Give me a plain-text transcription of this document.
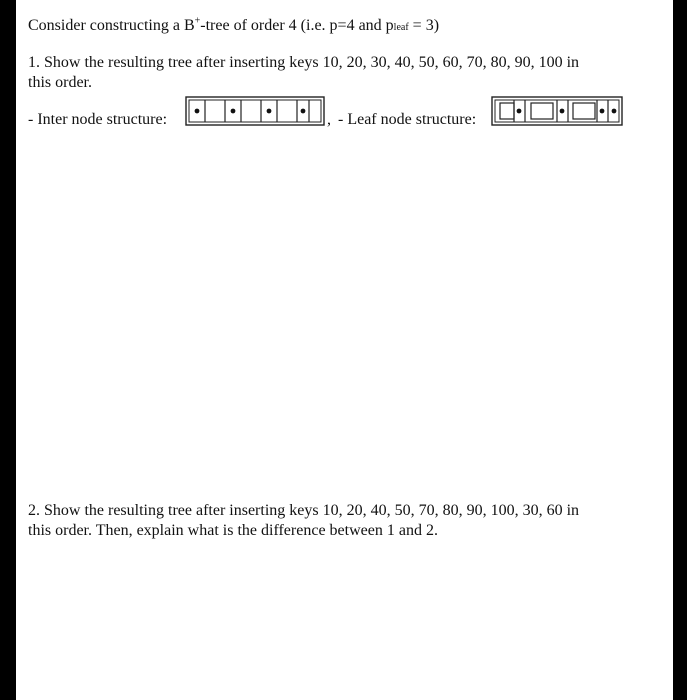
Consider constructing a B+-tree of order 4 (i.e. p=4 and pleaf = 3)
1. Show the resulting tree after inserting keys 10, 20, 30, 40, 50, 60, 70, 80, 90, 100 in
this order.
- Inter node structure:	, - Leaf node structure:
2. Show the resulting tree after inserting keys 10, 20, 40, 50, 70, 80, 90, 100, 30, 60 in
this order. Then, explain what is the difference between 1 and 2.
